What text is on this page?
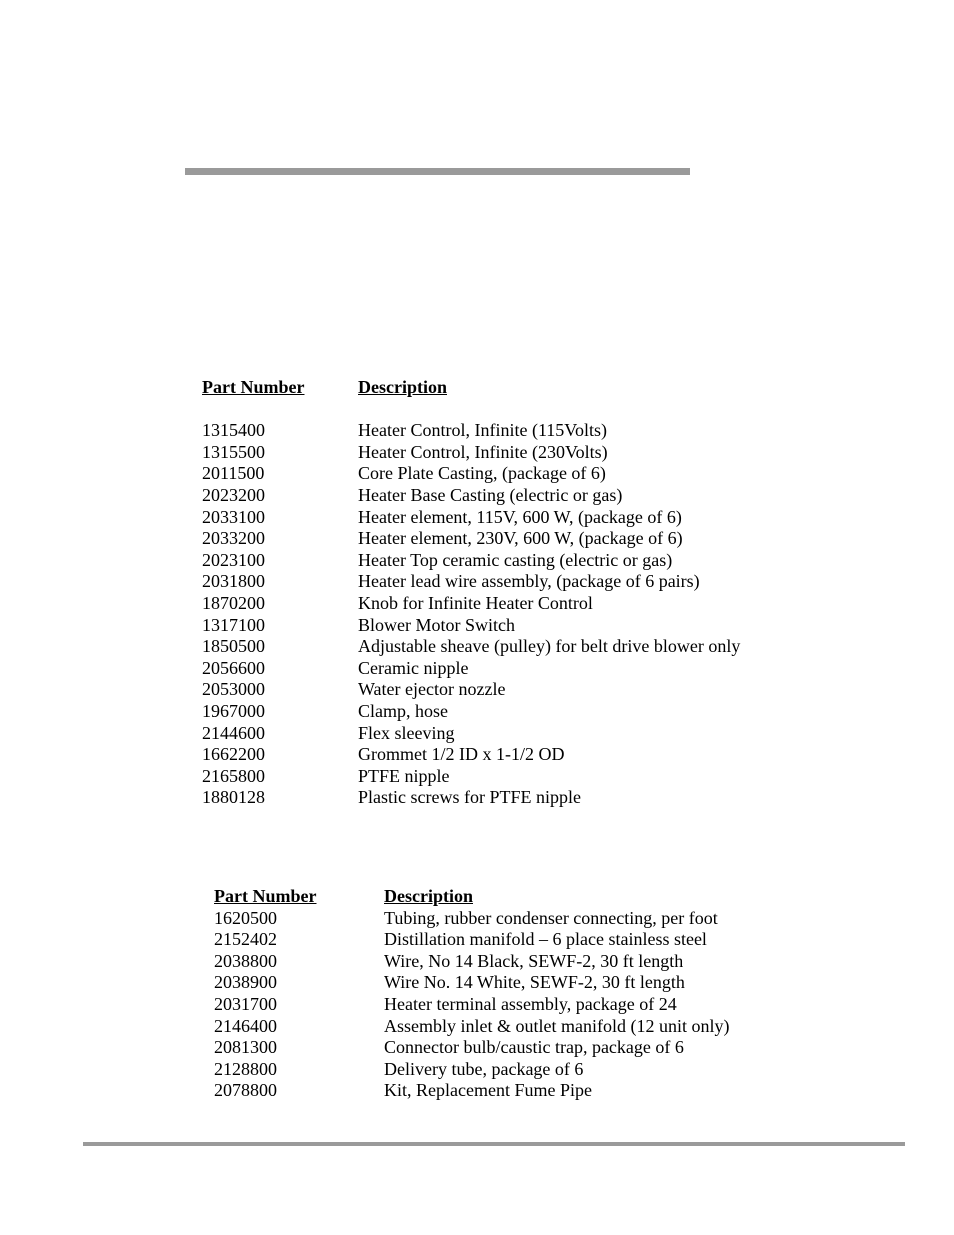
Part Number	Description
1315400	Heater Control, Infinite (115Volts)
1315500	Heater Control, Infinite (230Volts)
2011500	Core Plate Casting, (package of 6)
2023200	Heater Base Casting (electric or gas)
2033100	Heater element, 115V, 600 W, (package of 6)
2033200	Heater element, 230V, 600 W, (package of 6)
2023100	Heater Top ceramic casting (electric or gas)
2031800	Heater lead wire assembly, (package of 6 pairs)
1870200	Knob for Infinite Heater Control
1317100	Blower Motor Switch
1850500	Adjustable sheave (pulley) for belt drive blower only
2056600	Ceramic nipple
2053000	Water ejector nozzle
1967000	Clamp, hose
2144600	Flex sleeving
1662200	Grommet 1/2 ID x 1-1/2 OD
2165800	PTFE nipple
1880128	Plastic screws for PTFE nipple
Part Number	Description
1620500	Tubing, rubber condenser connecting, per foot
2152402	Distillation manifold – 6 place stainless steel
2038800	Wire, No 14 Black, SEWF-2, 30 ft length
2038900	Wire No. 14 White, SEWF-2, 30 ft length
2031700	Heater terminal assembly, package of 24
2146400	Assembly inlet & outlet manifold (12 unit only)
2081300	Connector bulb/caustic trap, package of 6
2128800	Delivery tube, package of 6
2078800	Kit, Replacement Fume Pipe
